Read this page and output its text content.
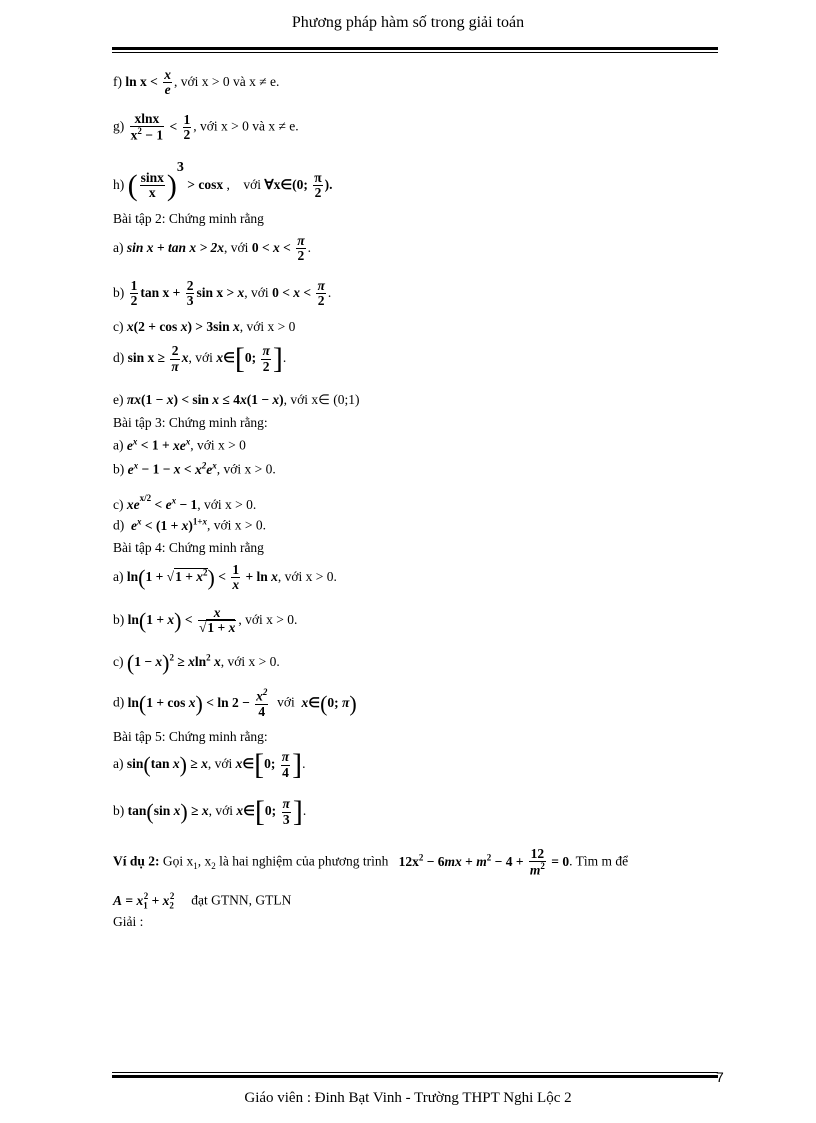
Phương pháp hàm số trong giải toán
f) $\ln x < \frac{x}{e}$ , với x > 0 và x ≠ e.
$g) \frac{xlnx}{x^2 - 1} < \frac{1}{2}$ , với x > 0 và x ≠ e.
h) ( $\frac{\sin x}{x} )^3 > \cos x$ ,    với ∀x∈(0; $\frac{\pi}{2}$ ).
Bài tập 2: Chứng minh rằng
a) sin x + tan x > 2x, với $0 < x < \frac{\pi}{2}$ .
$b) \frac{1}{2}$ $\tan x + \frac{2}{3}$ sin x > x, với $0 < x < \frac{\pi}{2}$ .
c) x(2 + cos x) > 3sin x, với x > 0
d) $\sin x \ge \frac{2}{\pi} x$, với x∈[0; $\frac{\pi}{2}$ ].
e) πx(1 − x) < sin x ≤ 4x(1 − x), với x∈ (0;1)
Bài tập 3: Chứng minh rằng:
a) $e^x < 1 + xe^x$, với x > 0
b) $e^x - 1 - x < x^2e^x$, với x > 0.
c) $xe^{x/2} < e^x - 1$, với x > 0.
d) $e^x < (1 + x)^{1+x}$, với x > 0.
Bài tập 4: Chứng minh rằng
a) $\ln(1 + √1 + x^2) < \frac{1}{x} + \ln x$, với x > 0.
b) $\ln(1 + x) < \frac{x}{√1 + x}$ , với x > 0.
c) $(1 - x)^2 \ge xln^2$ x, với x > 0.
d) $\ln(1 + \cos x) < \ln 2 - \frac{x^2}{4}$ với x∈(0; π)
Bài tập 5: Chứng minh rằng:
a) sin(tan x) ≥ x, với x∈[0; $\frac{\pi}{4}$ ].
b) tan(sin x) ≥ x, với x∈[0; $\frac{\pi}{3}$ ].
Ví dụ 2: Gọi $x_1$, $x_2$ là hai nghiệm của phương trình $12x^2 - 6mx + m^2 - 4 + \frac{12}{m^2} = 0$. Tìm m để
$A = x_1^2 + x_2^2$ đạt GTNN, GTLN
Giải :
7
Giáo viên : Đinh Bạt Vinh - Trường THPT Nghi Lộc 2
